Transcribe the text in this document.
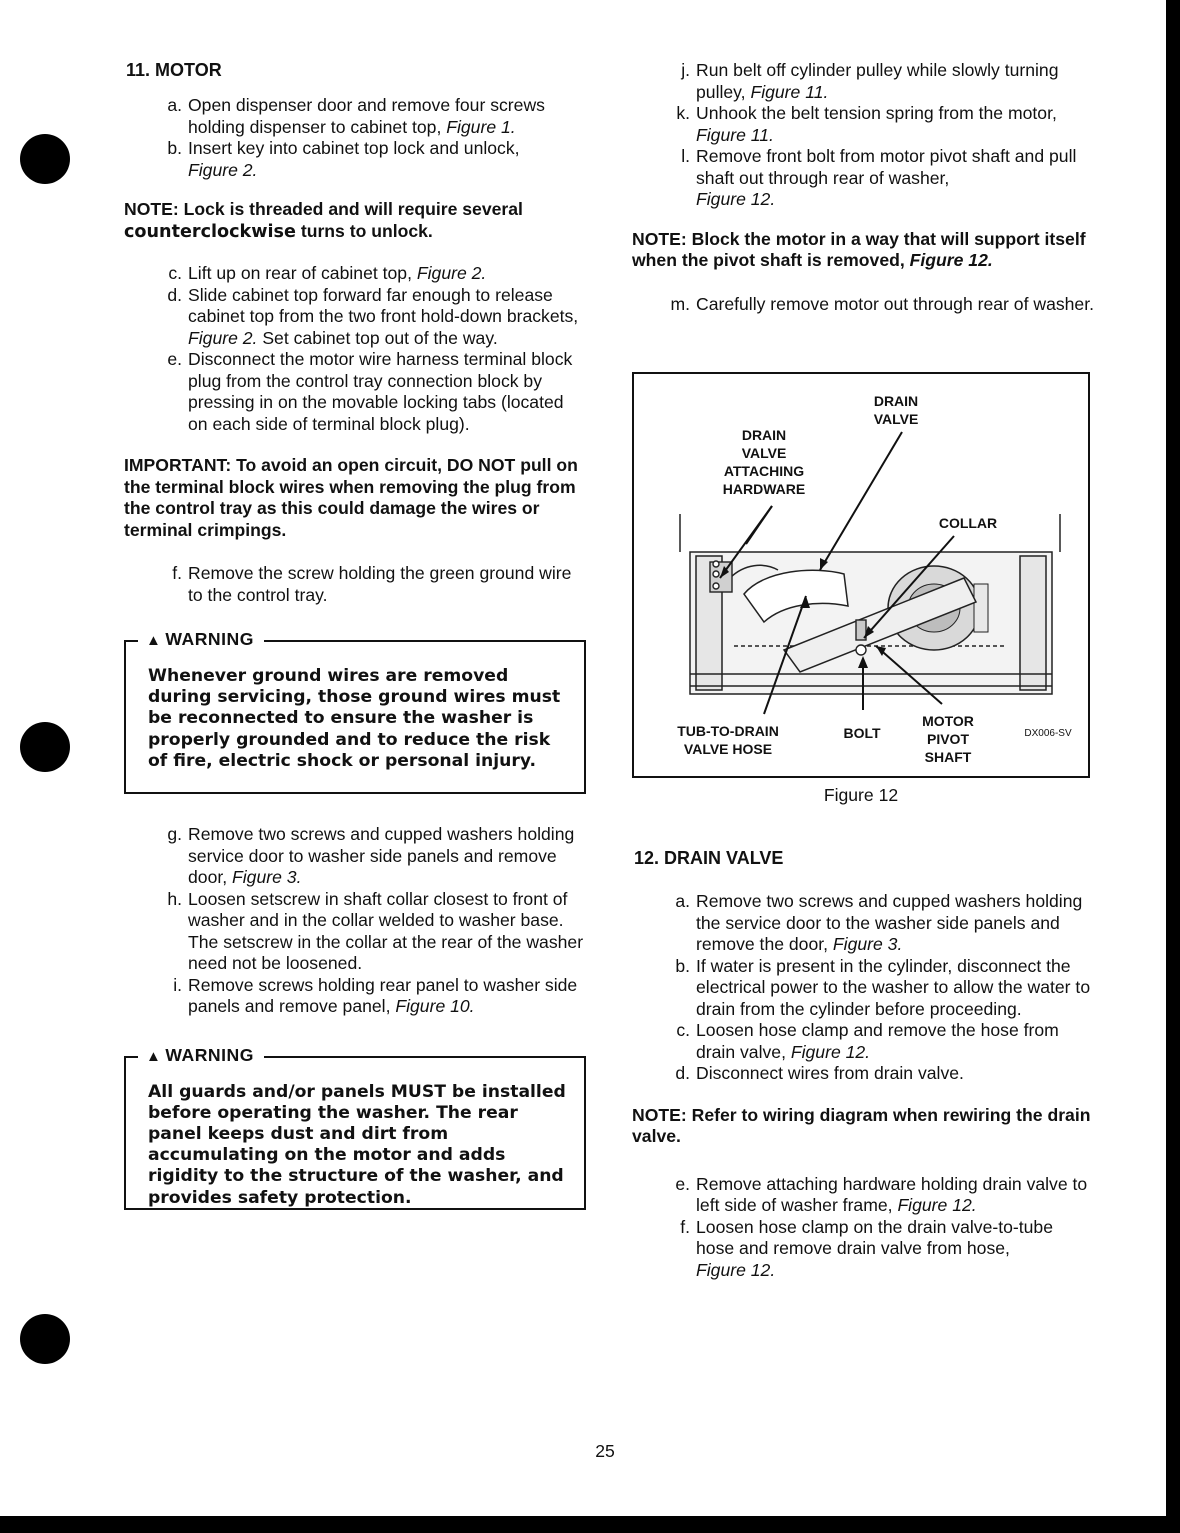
11. MOTOR
a. Open dispenser door and remove four screws holding dispenser to cabinet top, Figure 1.
b. Insert key into cabinet top lock and unlock,
Figure 2.
NOTE: Lock is threaded and will require several counterclockwise turns to unlock.
c. Lift up on rear of cabinet top, Figure 2.
d. Slide cabinet top forward far enough to release cabinet top from the two front hold-down brackets, Figure 2. Set cabinet top out of the way.
e. Disconnect the motor wire harness terminal block plug from the control tray connection block by pressing in on the movable locking tabs (located on each side of terminal block plug).
IMPORTANT: To avoid an open circuit, DO NOT pull on the terminal block wires when removing the plug from the control tray as this could damage the wires or terminal crimpings.
f. Remove the screw holding the green ground wire to the control tray.
▲ WARNING
Whenever ground wires are removed during servicing, those ground wires must be reconnected to ensure the washer is properly grounded and to reduce the risk of fire, electric shock or personal injury.
g. Remove two screws and cupped washers holding service door to washer side panels and remove door, Figure 3.
h. Loosen setscrew in shaft collar closest to front of washer and in the collar welded to washer base. The setscrew in the collar at the rear of the washer need not be loosened.
i. Remove screws holding rear panel to washer side panels and remove panel, Figure 10.
▲ WARNING
All guards and/or panels MUST be installed before operating the washer. The rear panel keeps dust and dirt from accumulating on the motor and adds rigidity to the structure of the washer, and provides safety protection.
j. Run belt off cylinder pulley while slowly turning pulley, Figure 11.
k. Unhook the belt tension spring from the motor, Figure 11.
l. Remove front bolt from motor pivot shaft and pull shaft out through rear of washer,
Figure 12.
NOTE: Block the motor in a way that will support itself when the pivot shaft is removed, Figure 12.
m. Carefully remove motor out through rear of washer.
DRAIN
VALVE
DRAIN
VALVE
ATTACHING
HARDWARE
COLLAR
TUB-TO-DRAIN
VALVE HOSE
BOLT
MOTOR
PIVOT
SHAFT
DX006-SV
Figure 12
12. DRAIN VALVE
a. Remove two screws and cupped washers holding the service door to the washer side panels and remove the door, Figure 3.
b. If water is present in the cylinder, disconnect the electrical power to the washer to allow the water to drain from the cylinder before proceeding.
c. Loosen hose clamp and remove the hose from drain valve, Figure 12.
d. Disconnect wires from drain valve.
NOTE: Refer to wiring diagram when rewiring the drain valve.
e. Remove attaching hardware holding drain valve to left side of washer frame, Figure 12.
f. Loosen hose clamp on the drain valve-to-tube hose and remove drain valve from hose,
Figure 12.
25
